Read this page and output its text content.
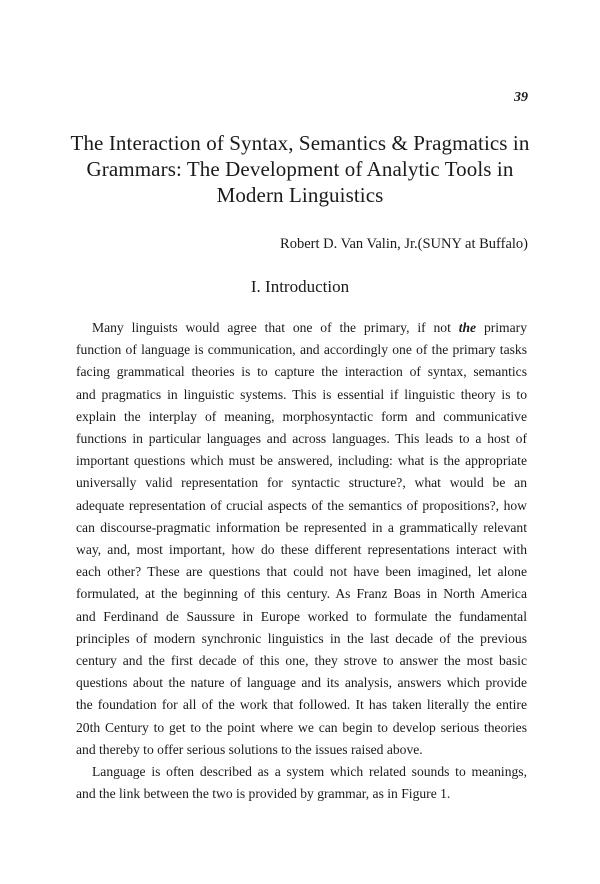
39
The Interaction of Syntax, Semantics & Pragmatics in
Grammars: The Development of Analytic Tools in
Modern Linguistics
Robert D. Van Valin, Jr.(SUNY at Buffalo)
I. Introduction

Many linguists would agree that one of the primary, if not the primary
function of language is communication, and accordingly one of the primary tasks
facing grammatical theories is to capture the interaction of syntax, semantics
and pragmatics in linguistic systems. This is essential if linguistic theory is to
explain the interplay of meaning, morphosyntactic form and communicative
functions in particular languages and across languages. This leads to a host of
important questions which must be answered, including: what is the appropriate
universally valid representation for syntactic structure?, what would be an
adequate representation of crucial aspects of the semantics of propositions?, how
can discourse-pragmatic information be represented in a grammatically relevant
way, and, most important, how do these different representations interact with
each other? These are questions that could not have been imagined, let alone
formulated, at the beginning of this century. As Franz Boas in North America
and Ferdinand de Saussure in Europe worked to formulate the fundamental
principles of modern synchronic linguistics in the last decade of the previous
century and the first decade of this one, they strove to answer the most basic
questions about the nature of language and its analysis, answers which provide
the foundation for all of the work that followed. It has taken literally the entire
20th Century to get to the point where we can begin to develop serious theories
and thereby to offer serious solutions to the issues raised above.

Language is often described as a system which related sounds to meanings,
and the link between the two is provided by grammar, as in Figure 1.
